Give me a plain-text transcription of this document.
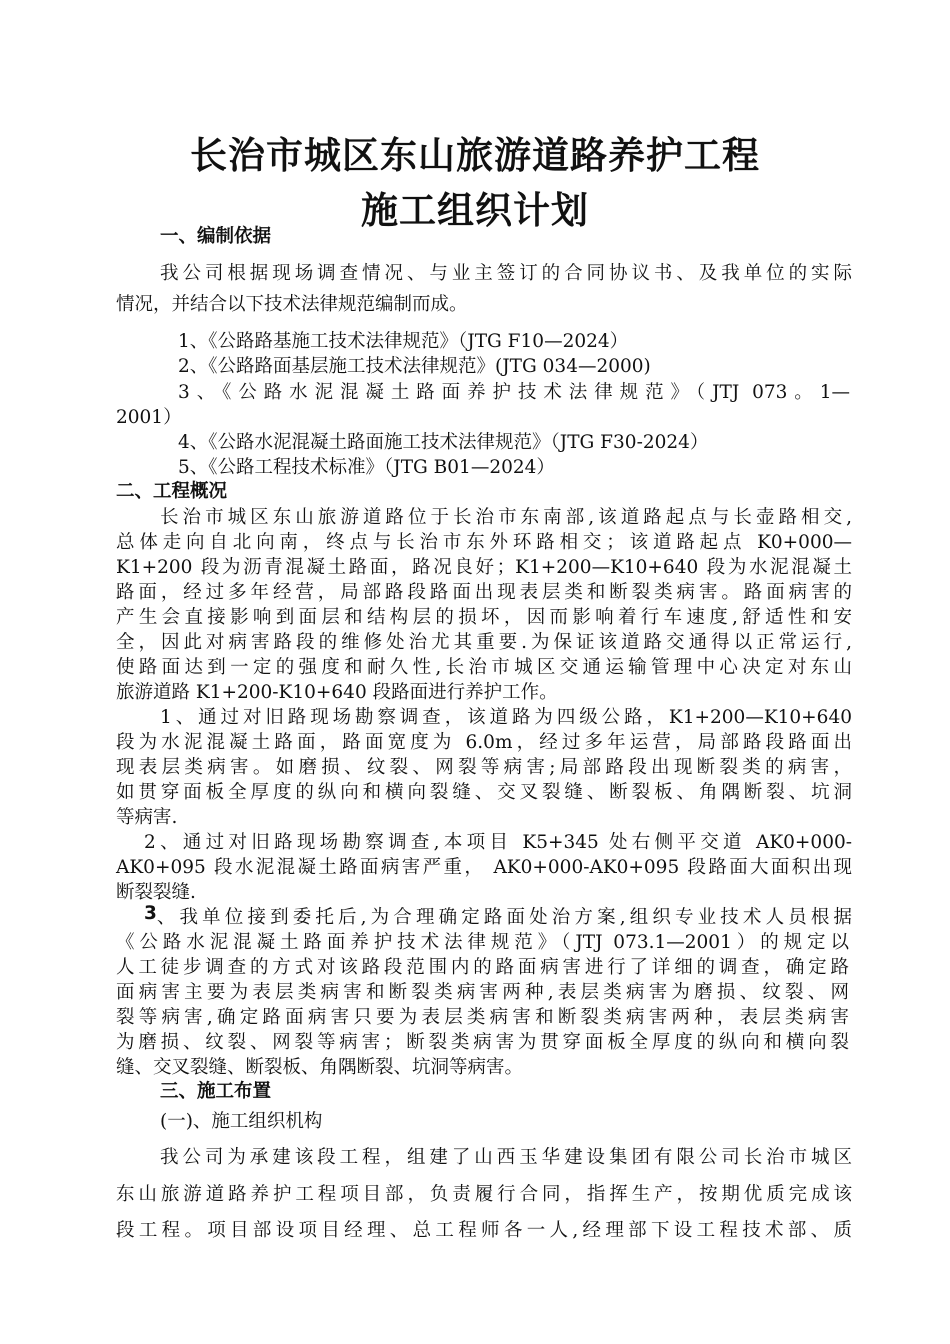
长治市城区东山旅游道路养护工程
施工组织计划
一、编制依据
我公司根据现场调查情况、与业主签订的合同协议书、及我单位的实际
情况，并结合以下技术法律规范编制而成。
1、《公路路基施工技术法律规范》（JTG F10—2024）
2、《公路路面基层施工技术法律规范》(JTG 034—2000)
3、《公路水泥混凝土路面养护技术法律规范》（JTJ 073。1—
2001）
4、《公路水泥混凝土路面施工技术法律规范》（JTG F30-2024）
5、《公路工程技术标准》（JTG B01—2024）
二、工程概况
长治市城区东山旅游道路位于长治市东南部,该道路起点与长壶路相交,
总体走向自北向南，终点与长治市东外环路相交；该道路起点 K0+000—
K1+200 段为沥青混凝土路面，路况良好；K1+200—K10+640 段为水泥混凝土
路面，经过多年经营，局部路段路面出现表层类和断裂类病害。路面病害的
产生会直接影响到面层和结构层的损坏，因而影响着行车速度,舒适性和安
全，因此对病害路段的维修处治尤其重要.为保证该道路交通得以正常运行,
使路面达到一定的强度和耐久性,长治市城区交通运输管理中心决定对东山
旅游道路 K1+200-K10+640 段路面进行养护工作。
1、通过对旧路现场勘察调查，该道路为四级公路，K1+200—K10+640
段为水泥混凝土路面，路面宽度为 6.0m，经过多年运营，局部路段路面出
现表层类病害。如磨损、纹裂、网裂等病害;局部路段出现断裂类的病害，
如贯穿面板全厚度的纵向和横向裂缝、交叉裂缝、断裂板、角隅断裂、坑洞
等病害.
2、通过对旧路现场勘察调查,本项目 K5+345 处右侧平交道 AK0+000-
AK0+095 段水泥混凝土路面病害严重， AK0+000-AK0+095 段路面大面积出现
断裂裂缝.
3 、我单位接到委托后,为合理确定路面处治方案,组织专业技术人员根据
《公路水泥混凝土路面养护技术法律规范》（JTJ 073.1—2001）的规定以
人工徒步调查的方式对该路段范围内的路面病害进行了详细的调查，确定路
面病害主要为表层类病害和断裂类病害两种,表层类病害为磨损、纹裂、网
裂等病害,确定路面病害只要为表层类病害和断裂类病害两种，表层类病害
为磨损、纹裂、网裂等病害；断裂类病害为贯穿面板全厚度的纵向和横向裂
缝、交叉裂缝、断裂板、角隅断裂、坑洞等病害。
三、施工布置
(一)、施工组织机构
我公司为承建该段工程，组建了山西玉华建设集团有限公司长治市城区
东山旅游道路养护工程项目部，负责履行合同，指挥生产，按期优质完成该
段工程。项目部设项目经理、总工程师各一人,经理部下设工程技术部、质
